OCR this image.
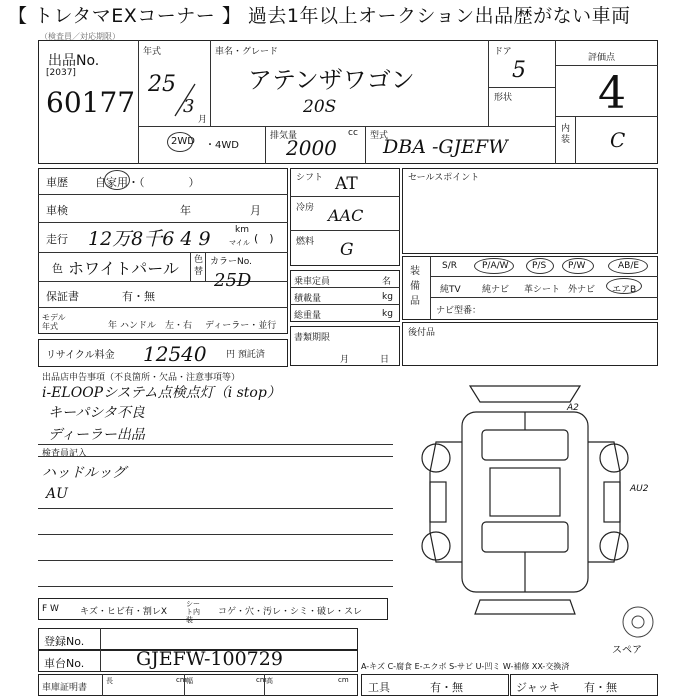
【 トレタマEXコーナー 】 過去1年以上オークション出品歴がない車両
（検査員／対応期限）
出品No.
[2037]
60177
年式
25
3
月
車名・グレード
アテンザワゴン
20S
ドア
5
形状
評価点
4
内装 C
2WD ・4WD
排気量	cc
2000	型式
DBA -GJEFW
車歴 自家用・（　　　　）
車検	年	月
走行 12万8千6 4 9	km
マイル (　)
色 ホワイトパール 色替
カラーNo.
25D
保証書	有・無
モデル年式	年 ハンドル　左・右 ディーラー・並行
リサイクル料金 12540 円 預託済
シフト AT
冷房 AAC
燃料 G
乗車定員	名
積載量	kg
総重量	kg
書類期限
月	日
セールスポイント
装備品
S/R	P/A/W	P/S P/W	AB/E
純TV 純ナビ 革シート 外ナビ エアB
ナビ型番：
後付品
出品店申告事項（不良箇所・欠品・注意事項等）
i-ELOOPシステム点検点灯（i stop）
キーパシタ不良
ディーラー出品
検査員記入
ハッドルッグ
AU
A2
AU2
スペア
F W キズ・ヒビ有・割レX
シート内装
コゲ・穴・汚レ・シミ・破レ・スレ
登録No.
車台No.	GJEFW-100729	A-キズ C-腐食 E-エクボ S-サビ U-凹ミ W-補修 XX-交換済
車庫証明書
長	cm 幅	cm 高	cm
工具	有・無	ジャッキ 有・無
